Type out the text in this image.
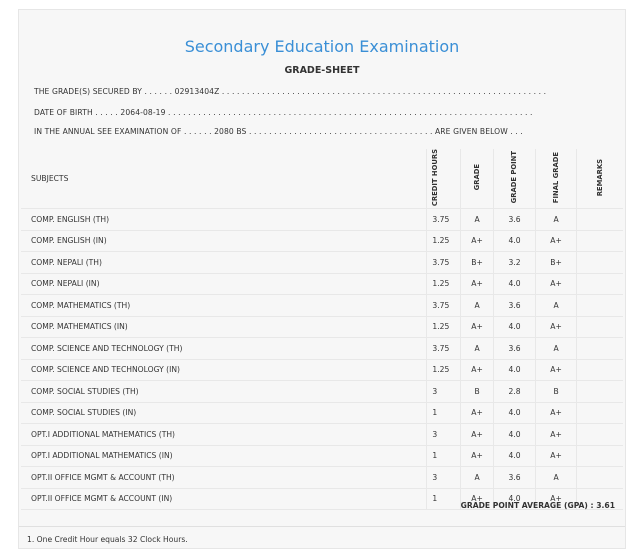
Secondary Education Examination
GRADE-SHEET
THE GRADE(S) SECURED BY . . . . . . 02913404Z . . . . . . . . . . . . . . . . . . . . . . . . . . . . . . . . . . . . . . . . . . . . . . . . . . . . . . . . . . . . . . . . .
DATE OF BIRTH . . . . . 2064-08-19 . . . . . . . . . . . . . . . . . . . . . . . . . . . . . . . . . . . . . . . . . . . . . . . . . . . . . . . . . . . . . . . . . . . . . . . . .
IN THE ANNUAL SEE EXAMINATION OF . . . . . . 2080 BS . . . . . . . . . . . . . . . . . . . . . . . . . . . . . . . . . . . . . ARE GIVEN BELOW . . .
SUBJECTS	CREDIT HOURS	GRADE	GRADE POINT	FINAL GRADE	REMARKS
COMP. ENGLISH (TH)	3.75	A	3.6	A	
COMP. ENGLISH (IN)	1.25	A+	4.0	A+	
COMP. NEPALI (TH)	3.75	B+	3.2	B+	
COMP. NEPALI (IN)	1.25	A+	4.0	A+	
COMP. MATHEMATICS (TH)	3.75	A	3.6	A	
COMP. MATHEMATICS (IN)	1.25	A+	4.0	A+	
COMP. SCIENCE AND TECHNOLOGY (TH)	3.75	A	3.6	A	
COMP. SCIENCE AND TECHNOLOGY (IN)	1.25	A+	4.0	A+	
COMP. SOCIAL STUDIES (TH)	3	B	2.8	B	
COMP. SOCIAL STUDIES (IN)	1	A+	4.0	A+	
OPT.I ADDITIONAL MATHEMATICS (TH)	3	A+	4.0	A+	
OPT.I ADDITIONAL MATHEMATICS (IN)	1	A+	4.0	A+	
OPT.II OFFICE MGMT & ACCOUNT (TH)	3	A	3.6	A	
OPT.II OFFICE MGMT & ACCOUNT (IN)	1	A+	4.0	A+	
GRADE POINT AVERAGE (GPA) : 3.61
1. One Credit Hour equals 32 Clock Hours.
